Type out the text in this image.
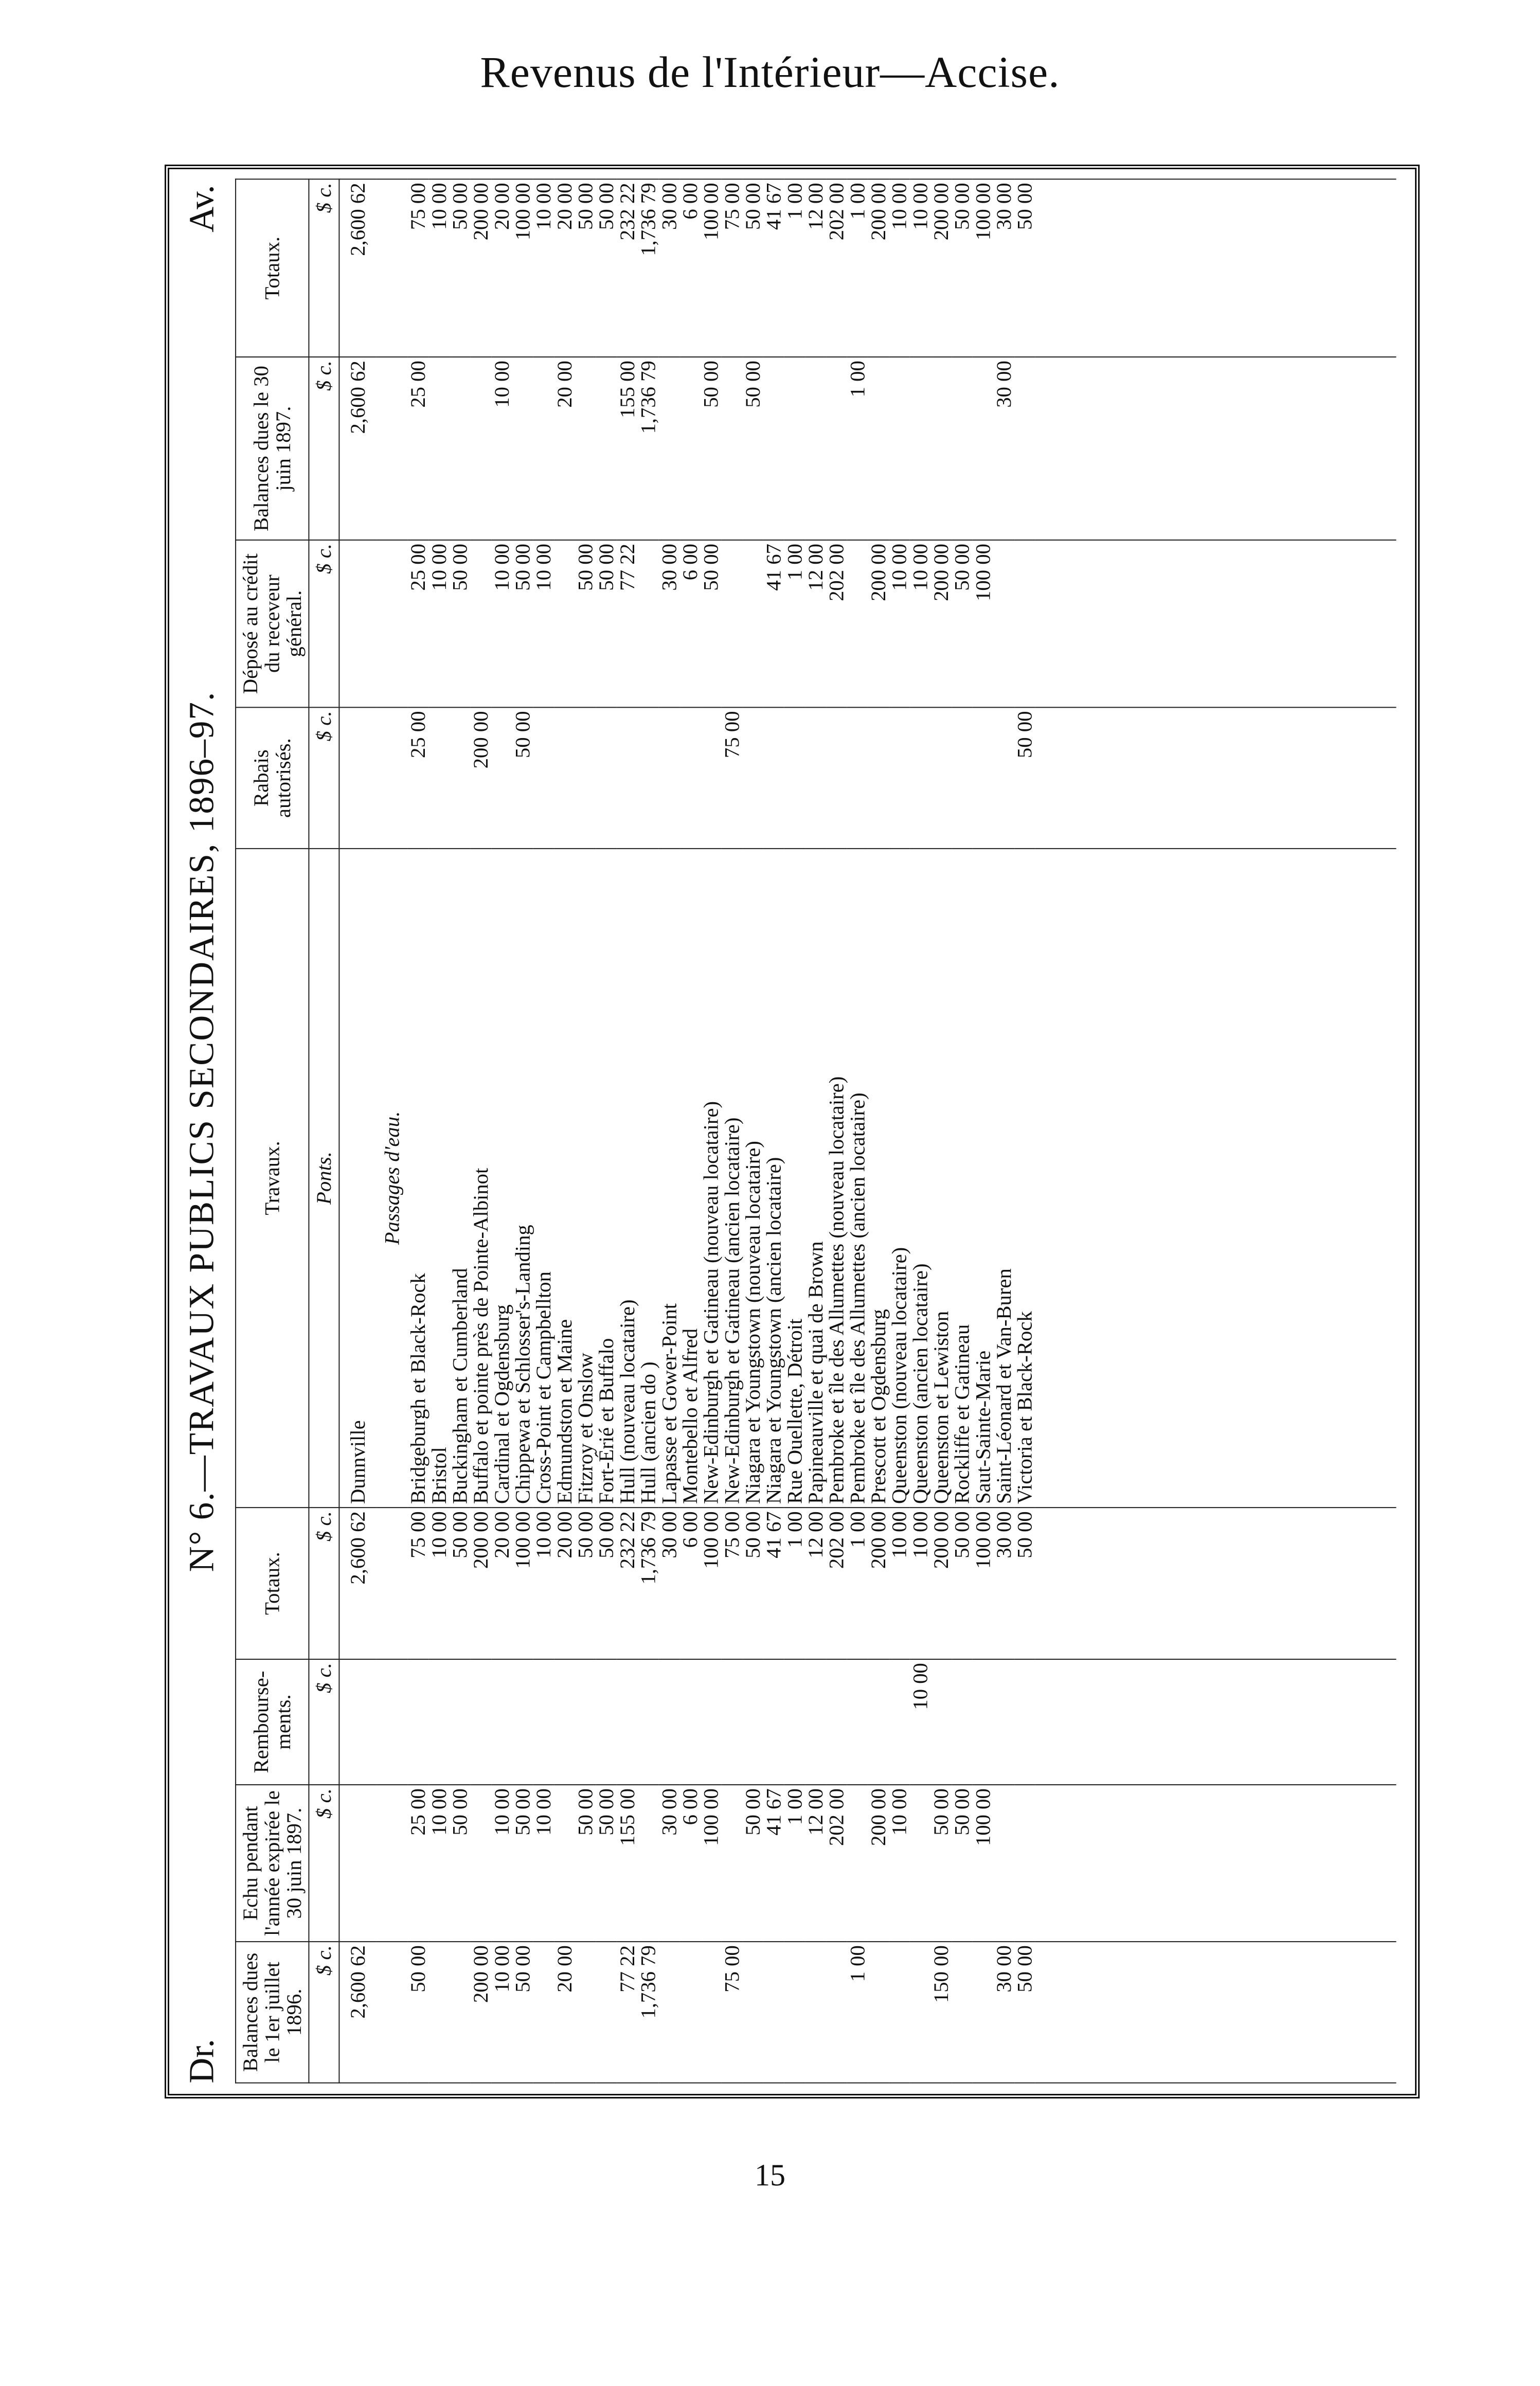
Revenus de l'Intérieur—Accise.
Dr.
N° 6.—TRAVAUX PUBLICS SECONDAIRES, 1896–97.
Av.
Balances dues le 1er juillet 1896.	Echu pendant l'année expirée le 30 juin 1897.	Rembourse-ments.	Totaux.	Travaux.	Rabais autorisés.	Déposé au crédit du receveur général.	Balances dues le 30 juin 1897.	Totaux.
$ c.	$ c.	$ c.	$ c.	Ponts.	$ c.	$ c.	$ c.	$ c.
2,600 62			2,600 62	Dunnville			2,600 62	2,600 62
				Passages d'eau.				
50 00	25 00		75 00	Bridgeburgh et Black-Rock	25 00	25 00	25 00	75 00
	10 00		10 00	Bristol		10 00		10 00
	50 00		50 00	Buckingham et Cumberland		50 00		50 00
200 00			200 00	Buffalo et pointe près de Pointe-Albinot	200 00			200 00
10 00	10 00		20 00	Cardinal et Ogdensburg		10 00	10 00	20 00
50 00	50 00		100 00	Chippewa et Schlosser's-Landing	50 00	50 00		100 00
	10 00		10 00	Cross-Point et Campbellton		10 00		10 00
20 00			20 00	Edmundston et Maine			20 00	20 00
	50 00		50 00	Fitzroy et Onslow		50 00		50 00
	50 00		50 00	Fort-Érié et Buffalo		50 00		50 00
77 22	155 00		232 22	Hull (nouveau locataire)		77 22	155 00	232 22
1,736 79			1,736 79	Hull (ancien do )			1,736 79	1,736 79
	30 00		30 00	Lapasse et Gower-Point		30 00		30 00
	6 00		6 00	Montebello et Alfred		6 00		6 00
	100 00		100 00	New-Edinburgh et Gatineau (nouveau locataire)		50 00	50 00	100 00
75 00			75 00	New-Edinburgh et Gatineau (ancien locataire)	75 00			75 00
	50 00		50 00	Niagara et Youngstown (nouveau locataire)			50 00	50 00
	41 67		41 67	Niagara et Youngstown (ancien locataire)		41 67		41 67
	1 00		1 00	Rue Ouellette, Détroit		1 00		1 00
	12 00		12 00	Papineauville et quai de Brown		12 00		12 00
	202 00		202 00	Pembroke et île des Allumettes (nouveau locataire)		202 00		202 00
1 00			1 00	Pembroke et île des Allumettes (ancien locataire)			1 00	1 00
	200 00		200 00	Prescott et Ogdensburg		200 00		200 00
	10 00		10 00	Queenston (nouveau locataire)		10 00		10 00
		10 00	10 00	Queenston (ancien locataire)		10 00		10 00
150 00	50 00		200 00	Queenston et Lewiston		200 00		200 00
	50 00		50 00	Rockliffe et Gatineau		50 00		50 00
	100 00		100 00	Saut-Sainte-Marie		100 00		100 00
30 00			30 00	Saint-Léonard et Van-Buren			30 00	30 00
50 00			50 00	Victoria et Black-Rock	50 00			50 00

15
